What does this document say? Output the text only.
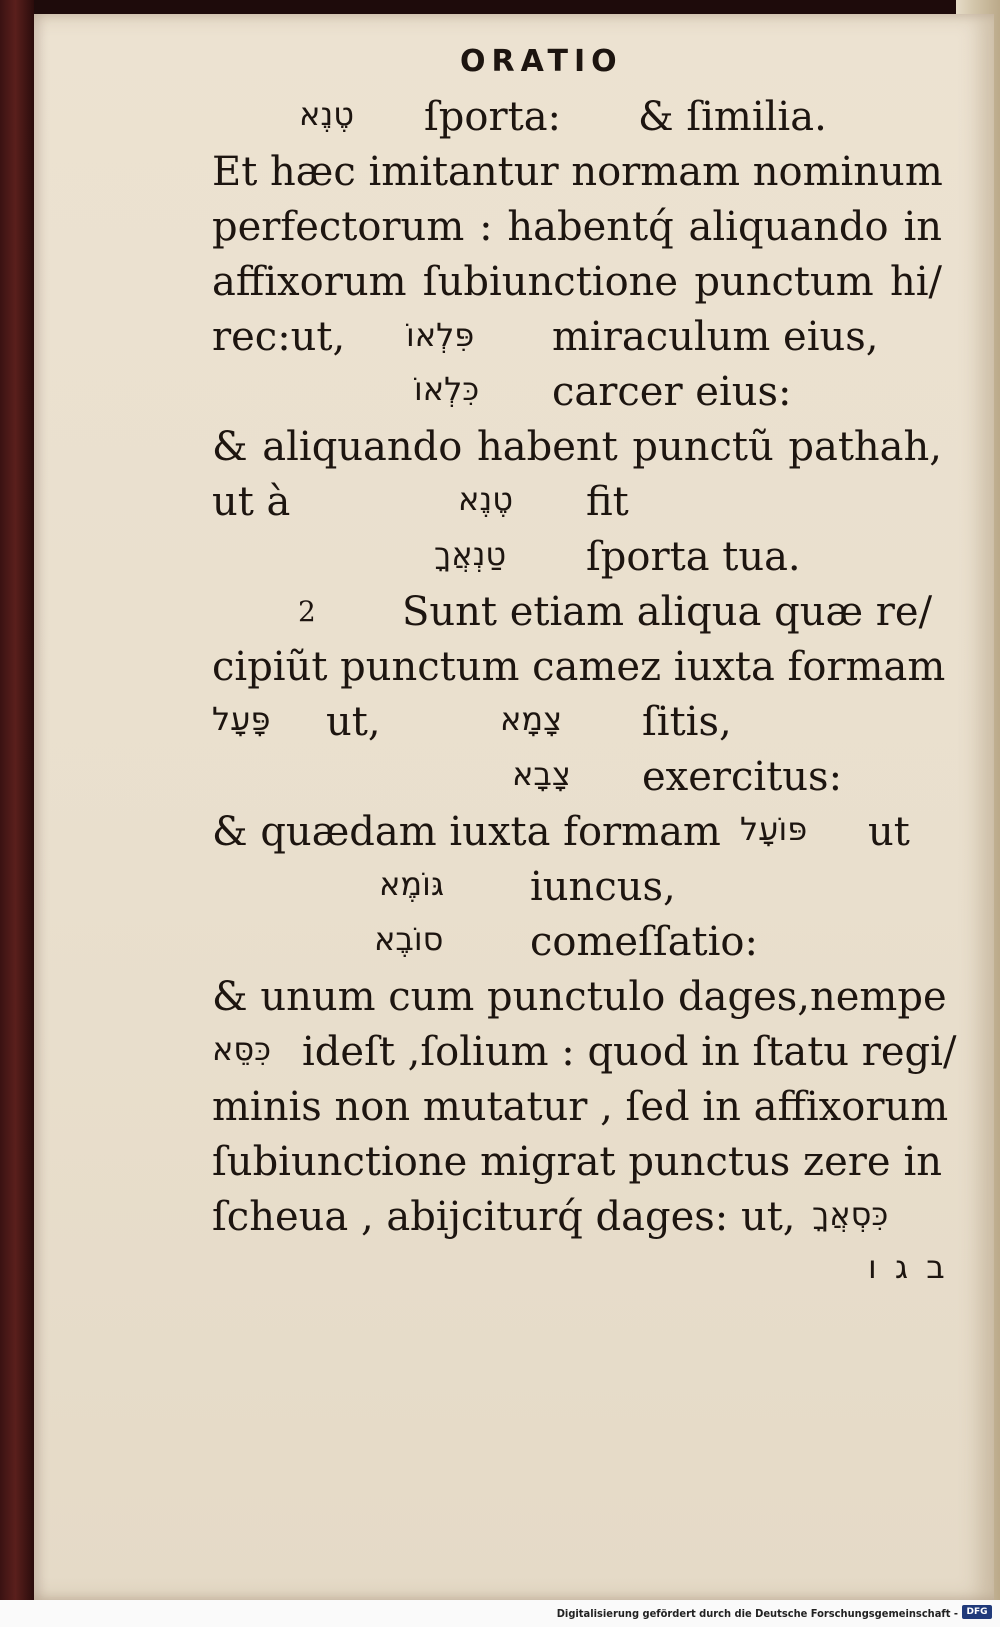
ORATIO
טֶנֶא ſporta: & ſimilia.
Et hæc imitantur normam nominum
perfectorum : habentq́ aliquando in
affixorum ſubiunctione punctum hi/
rec:ut, פִּלְאוֹ miraculum eius,
כִּלְאוֹ carcer eius:
& aliquando habent punctũ pathah,
ut à	טֶנֶא fit
טַנְאֲךָ ſporta tua.
2 Sunt etiam aliqua quæ re/
cipiũt punctum camez iuxta formam
פָּעָל ut,	צָמָא ſitis,
צָבָא exercitus:
& quædam iuxta formam פּוֹעָל ut
גּוֹמֶא iuncus,
סוֹבֶא comeſſatio:
& unum cum punctulo dages,nempe
כִּסֵּא ideſt ,ſolium : quod in ſtatu regi/
minis non mutatur , ſed in affixorum
ſubiunctione migrat punctus zere in
ſcheua , abijciturq́ dages: ut, כִּסְאֲךָ
ב ג ו
Digitalisierung gefördert durch die Deutsche Forschungsgemeinschaft - DFG
